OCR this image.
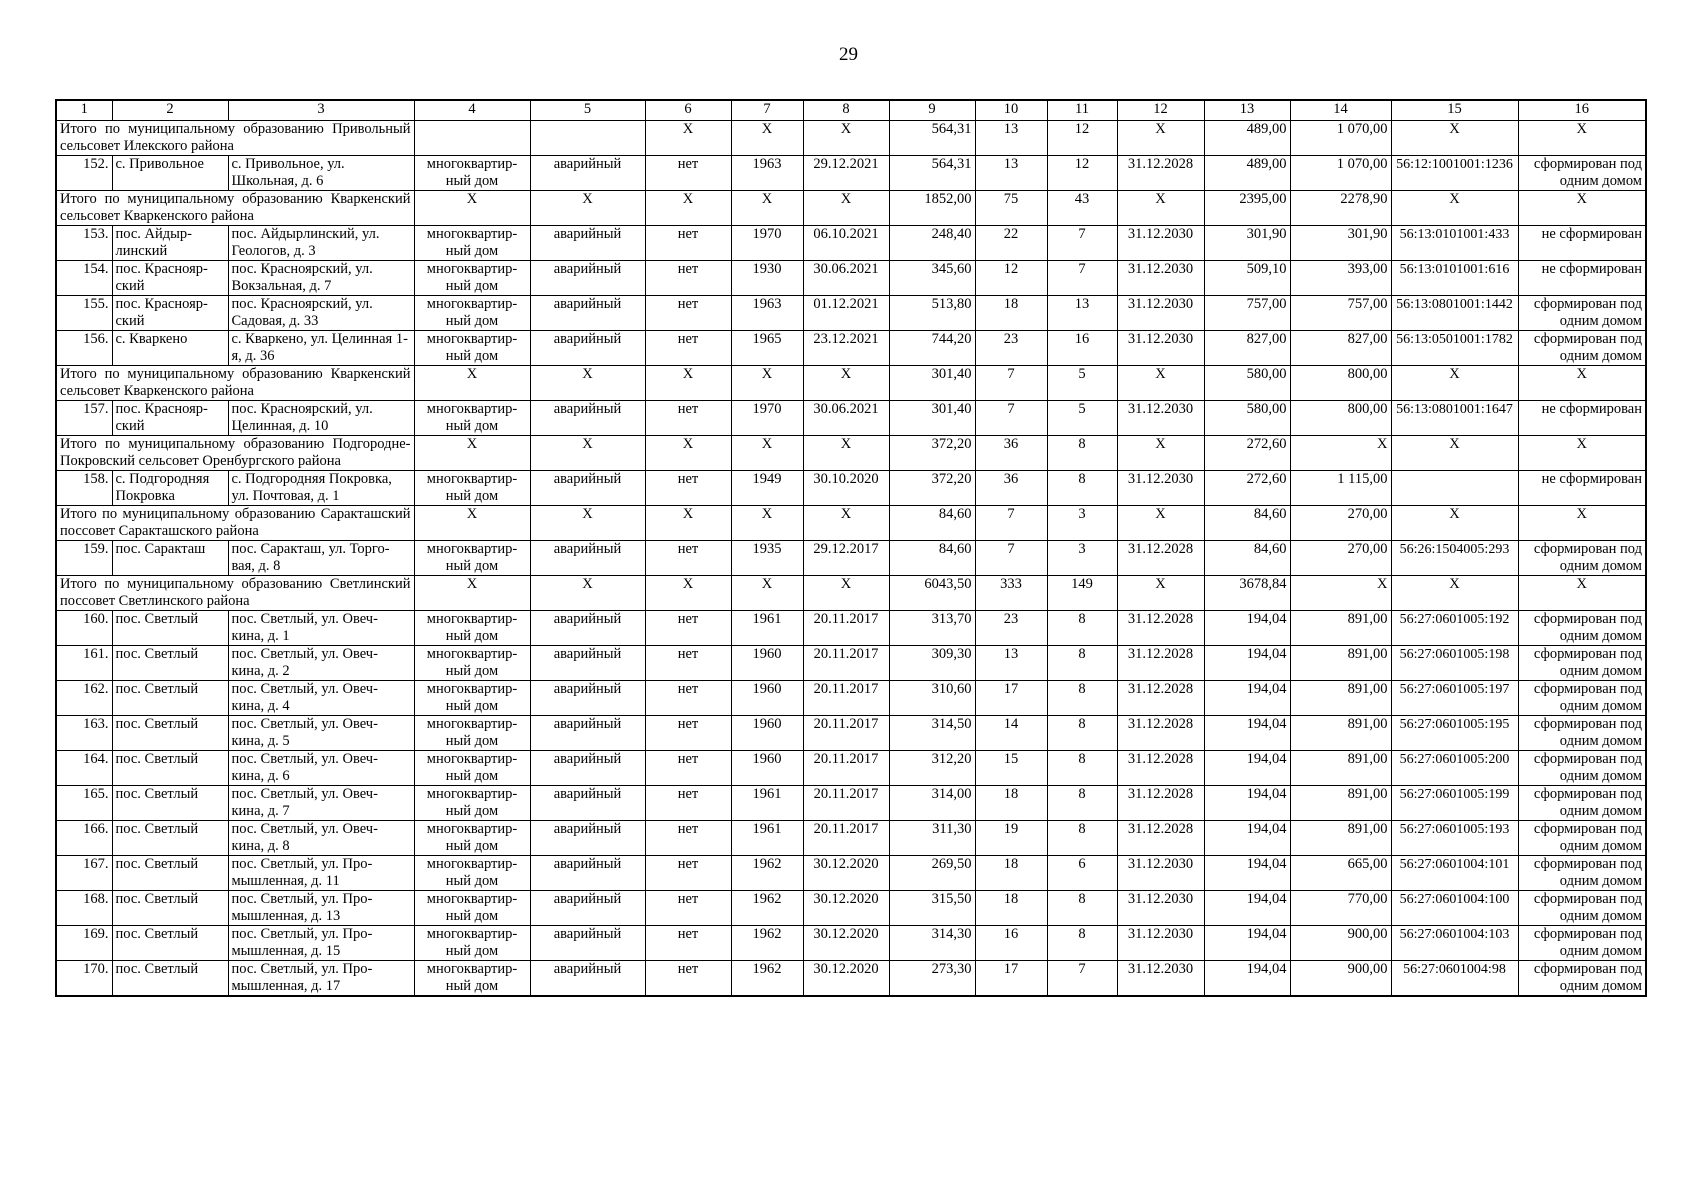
29
1	2	3	4	5	6	7	8	9	10	11	12	13	14	15	16
Итого по муниципальному образованию Привольный сельсовет Илекского района					X	X	X	564,31	13	12	X	489,00	1 070,00	X	X
152.	с. Привольное	с. Привольное, ул. Школьная, д. 6	многоквартир-ный дом	аварийный	нет	1963	29.12.2021	564,31	13	12	31.12.2028	489,00	1 070,00	56:12:1001001:1236	сформирован под одним домом
Итого по муниципальному образованию Кваркенский сельсовет Кваркенского района			X	X	X	X	X	1852,00	75	43	X	2395,00	2278,90	X	X
153.	пос. Айдыр-линский	пос. Айдырлинский, ул. Геологов, д. 3	многоквартир-ный дом	аварийный	нет	1970	06.10.2021	248,40	22	7	31.12.2030	301,90	301,90	56:13:0101001:433	не сформирован
154.	пос. Краснояр-ский	пос. Красноярский, ул. Вокзальная, д. 7	многоквартир-ный дом	аварийный	нет	1930	30.06.2021	345,60	12	7	31.12.2030	509,10	393,00	56:13:0101001:616	не сформирован
155.	пос. Краснояр-ский	пос. Красноярский, ул. Садовая, д. 33	многоквартир-ный дом	аварийный	нет	1963	01.12.2021	513,80	18	13	31.12.2030	757,00	757,00	56:13:0801001:1442	сформирован под одним домом
156.	с. Кваркено	с. Кваркено, ул. Целинная 1-я, д. 36	многоквартир-ный дом	аварийный	нет	1965	23.12.2021	744,20	23	16	31.12.2030	827,00	827,00	56:13:0501001:1782	сформирован под одним домом
Итого по муниципальному образованию Кваркенский сельсовет Кваркенского района			X	X	X	X	X	301,40	7	5	X	580,00	800,00	X	X
157.	пос. Краснояр-ский	пос. Красноярский, ул. Целинная, д. 10	многоквартир-ный дом	аварийный	нет	1970	30.06.2021	301,40	7	5	31.12.2030	580,00	800,00	56:13:0801001:1647	не сформирован
Итого по муниципальному образованию Подгородне-Покровский сельсовет Оренбургского района			X	X	X	X	X	372,20	36	8	X	272,60	X	X	X
158.	с. Подгородняя Покровка	с. Подгородняя Покровка, ул. Почтовая, д. 1	многоквартир-ный дом	аварийный	нет	1949	30.10.2020	372,20	36	8	31.12.2030	272,60	1 115,00		не сформирован
Итого по муниципальному образованию Саракташский поссовет Саракташского района			X	X	X	X	X	84,60	7	3	X	84,60	270,00	X	X
159.	пос. Саракташ	пос. Саракташ, ул. Торго-вая, д. 8	многоквартир-ный дом	аварийный	нет	1935	29.12.2017	84,60	7	3	31.12.2028	84,60	270,00	56:26:1504005:293	сформирован под одним домом
Итого по муниципальному образованию Светлинский поссовет Светлинского района			X	X	X	X	X	6043,50	333	149	X	3678,84	X	X	X
160.	пос. Светлый	пос. Светлый, ул. Овеч-кина, д. 1	многоквартир-ный дом	аварийный	нет	1961	20.11.2017	313,70	23	8	31.12.2028	194,04	891,00	56:27:0601005:192	сформирован под одним домом
161.	пос. Светлый	пос. Светлый, ул. Овеч-кина, д. 2	многоквартир-ный дом	аварийный	нет	1960	20.11.2017	309,30	13	8	31.12.2028	194,04	891,00	56:27:0601005:198	сформирован под одним домом
162.	пос. Светлый	пос. Светлый, ул. Овеч-кина, д. 4	многоквартир-ный дом	аварийный	нет	1960	20.11.2017	310,60	17	8	31.12.2028	194,04	891,00	56:27:0601005:197	сформирован под одним домом
163.	пос. Светлый	пос. Светлый, ул. Овеч-кина, д. 5	многоквартир-ный дом	аварийный	нет	1960	20.11.2017	314,50	14	8	31.12.2028	194,04	891,00	56:27:0601005:195	сформирован под одним домом
164.	пос. Светлый	пос. Светлый, ул. Овеч-кина, д. 6	многоквартир-ный дом	аварийный	нет	1960	20.11.2017	312,20	15	8	31.12.2028	194,04	891,00	56:27:0601005:200	сформирован под одним домом
165.	пос. Светлый	пос. Светлый, ул. Овеч-кина, д. 7	многоквартир-ный дом	аварийный	нет	1961	20.11.2017	314,00	18	8	31.12.2028	194,04	891,00	56:27:0601005:199	сформирован под одним домом
166.	пос. Светлый	пос. Светлый, ул. Овеч-кина, д. 8	многоквартир-ный дом	аварийный	нет	1961	20.11.2017	311,30	19	8	31.12.2028	194,04	891,00	56:27:0601005:193	сформирован под одним домом
167.	пос. Светлый	пос. Светлый, ул. Про-мышленная, д. 11	многоквартир-ный дом	аварийный	нет	1962	30.12.2020	269,50	18	6	31.12.2030	194,04	665,00	56:27:0601004:101	сформирован под одним домом
168.	пос. Светлый	пос. Светлый, ул. Про-мышленная, д. 13	многоквартир-ный дом	аварийный	нет	1962	30.12.2020	315,50	18	8	31.12.2030	194,04	770,00	56:27:0601004:100	сформирован под одним домом
169.	пос. Светлый	пос. Светлый, ул. Про-мышленная, д. 15	многоквартир-ный дом	аварийный	нет	1962	30.12.2020	314,30	16	8	31.12.2030	194,04	900,00	56:27:0601004:103	сформирован под одним домом
170.	пос. Светлый	пос. Светлый, ул. Про-мышленная, д. 17	многоквартир-ный дом	аварийный	нет	1962	30.12.2020	273,30	17	7	31.12.2030	194,04	900,00	56:27:0601004:98	сформирован под одним домом
